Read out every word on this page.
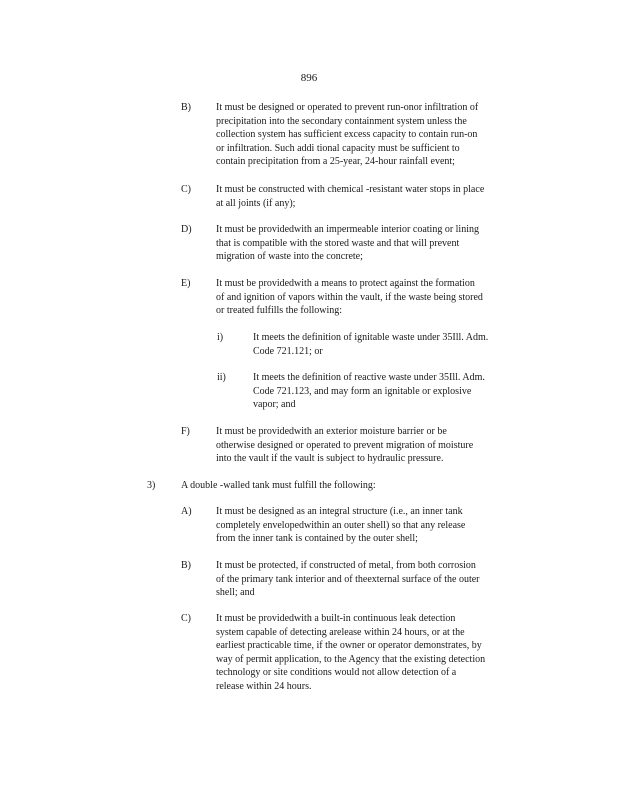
896
B)	It must be designed or operated to prevent run-onor infiltration of
precipitation into the secondary containment system unless the
collection system has sufficient excess capacity to contain run-on
or infiltration. Such addi tional capacity must be sufficient to
contain precipitation from a 25-year, 24-hour rainfall event;
C)	It must be constructed with chemical -resistant water stops in place
at all joints (if any);
D) It must be providedwith an impermeable interior coating or lining
that is compatible with the stored waste and that will prevent
migration of waste into the concrete;
E)	It must be providedwith a means to protect against the formation
of and ignition of vapors within the vault, if the waste being stored
or treated fulfills the following:
i)	It meets the definition of ignitable waste under 35Ill. Adm.
Code 721.121; or
ii)	It meets the definition of reactive waste under 35Ill. Adm.
Code 721.123, and may form an ignitable or explosive
vapor; and
F)	It must be providedwith an exterior moisture barrier or be
otherwise designed or operated to prevent migration of moisture
into the vault if the vault is subject to hydraulic pressure.
3)	A double -walled tank must fulfill the following:
A) It must be designed as an integral structure (i.e., an inner tank
completely envelopedwithin an outer shell) so that any release
from the inner tank is contained by the outer shell;
B)	It must be protected, if constructed of metal, from both corrosion
of the primary tank interior and of theexternal surface of the outer
shell; and
C)	It must be providedwith a built-in continuous leak detection
system capable of detecting arelease within 24 hours, or at the
earliest practicable time, if the owner or operator demonstrates, by
way of permit application, to the Agency that the existing detection
technology or site conditions would not allow detection of a
release within 24 hours.
